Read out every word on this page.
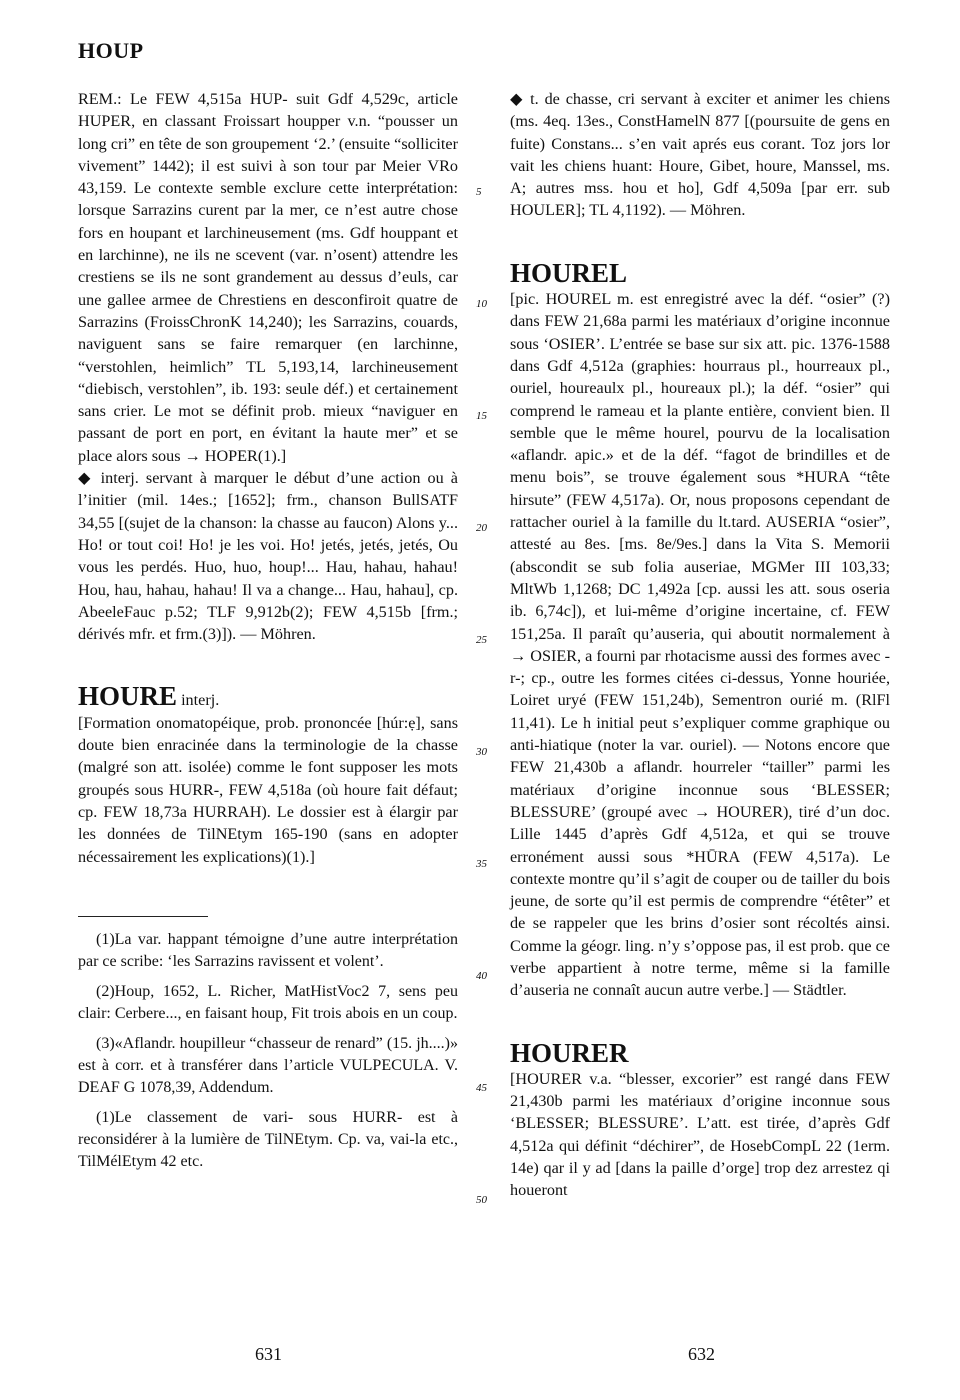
HOUP

REM.: Le FEW 4,515a HUP- suit Gdf 4,529c, article HUPER, en classant Froissart houpper v.n. “pousser un long cri” en tête de son groupement ‘2.’ (ensuite “solliciter vivement” 1442); il est suivi à son tour par Meier VRo 43,159. Le contexte semble exclure cette interprétation: lorsque Sarrazins curent par la mer, ce n’est autre chose fors en houpant et larchineusement (ms. Gdf houppant et en larchinne), ne ils ne scevent (var. n’osent) attendre les crestiens se ils ne sont grandement au dessus d’euls, car une gallee armee de Chrestiens en desconfiroit quatre de Sarrazins (FroissChronK 14,240); les Sarrazins, couards, naviguent sans se faire remarquer (en larchinne, “verstohlen, heimlich” TL 5,193,14, larchineusement “diebisch, verstohlen”, ib. 193: seule déf.) et certainement sans crier. Le mot se définit prob. mieux “naviguer en passant de port en port, en évitant la haute mer” et se place alors sous → HOPER(1).]

◆ interj. servant à marquer le début d’une action ou à l’initier (mil. 14es.; [1652]; frm., chanson BullSATF 34,55 [(sujet de la chanson: la chasse au faucon) Alons y... Ho! or tout coi! Ho! je les voi. Ho! jetés, jetés, jetés, Ou vous les perdés. Huo, huo, houp!... Hau, hahau, hahau! Hou, hau, hahau, hahau! Il va a change... Hau, hahau], cp. AbeeleFauc p.52; TLF 9,912b(2); FEW 4,515b [frm.; dérivés mfr. et frm.(3)]). — Möhren.

HOURE interj.

[Formation onomatopéique, prob. prononcée [húr:ẹ], sans doute bien enracinée dans la terminologie de la chasse (malgré son att. isolée) comme le font supposer les mots groupés sous HURR-, FEW 4,518a (où houre fait défaut; cp. FEW 18,73a HURRAH). Le dossier est à élargir par les données de TilNEtym 165-190 (sans en adopter nécessairement les explications)(1).]

(1)La var. happant témoigne d’une autre interprétation par ce scribe: ‘les Sarrazins ravissent et volent’.

(2)Houp, 1652, L. Richer, MatHistVoc2 7, sens peu clair: Cerbere..., en faisant houp, Fit trois abois en un coup.

(3)«Aflandr. houpilleur “chasseur de renard” (15. jh....)» est à corr. et à transférer dans l’article VULPECULA. V. DEAF G 1078,39, Addendum.

(1)Le classement de vari- sous HURR- est à reconsidérer à la lumière de TilNEtym. Cp. va, vai-la etc., TilMélEtym 42 etc.

5
10
15
20
25
30
35
40
45
50

◆ t. de chasse, cri servant à exciter et animer les chiens (ms. 4eq. 13es., ConstHamelN 877 [(poursuite de gens en fuite) Constans... s’en vait aprés eus corant. Toz jors lor vait les chiens huant: Houre, Gibet, houre, Manssel, ms. A; autres mss. hou et ho], Gdf 4,509a [par err. sub HOULER]; TL 4,1192). — Möhren.

HOUREL

[pic. HOUREL m. est enregistré avec la déf. “osier” (?) dans FEW 21,68a parmi les matériaux d’origine inconnue sous ‘OSIER’. L’entrée se base sur six att. pic. 1376-1588 dans Gdf 4,512a (graphies: hourraus pl., hourreaux pl., ouriel, houreaulx pl., houreaux pl.); la déf. “osier” qui comprend le rameau et la plante entière, convient bien. Il semble que le même hourel, pourvu de la localisation «aflandr. apic.» et de la déf. “fagot de brindilles et de menu bois”, se trouve également sous *HURA “tête hirsute” (FEW 4,517a). Or, nous proposons cependant de rattacher ouriel à la famille du lt.tard. AUSERIA “osier”, attesté au 8es. [ms. 8e/9es.] dans la Vita S. Memorii (abscondit se sub folia auseriae, MGMer III 103,33; MltWb 1,1268; DC 1,492a [cp. aussi les att. sous oseria ib. 6,74c]), et lui-même d’origine incertaine, cf. FEW 151,25a. Il paraît qu’auseria, qui aboutit normalement à → OSIER, a fourni par rhotacisme aussi des formes avec -r-; cp., outre les formes citées ci-dessus, Yonne houriée, Loiret uryé (FEW 151,24b), Sementron ourié m. (RlFl 11,41). Le h initial peut s’expliquer comme graphique ou anti-hiatique (noter la var. ouriel). — Notons encore que FEW 21,430b a aflandr. hourreler “tailler” parmi les matériaux d’origine inconnue sous ‘BLESSER; BLESSURE’ (groupé avec → HOURER), tiré d’un doc. Lille 1445 d’après Gdf 4,512a, et qui se trouve erronément aussi sous *HŪRA (FEW 4,517a). Le contexte montre qu’il s’agit de couper ou de tailler du bois jeune, de sorte qu’il est permis de comprendre “étêter” et de se rappeler que les brins d’osier sont récoltés ainsi. Comme la géogr. ling. n’y s’oppose pas, il est prob. que ce verbe appartient à notre terme, même si la famille d’auseria ne connaît aucun autre verbe.] — Städtler.

HOURER

[HOURER v.a. “blesser, excorier” est rangé dans FEW 21,430b parmi les matériaux d’origine inconnue sous ‘BLESSER; BLESSURE’. L’att. est tirée, d’après Gdf 4,512a qui définit “déchirer”, de HosebCompL 22 (1erm. 14e) qar il y ad [dans la paille d’orge] trop dez arrestez qi houeront

631	632
